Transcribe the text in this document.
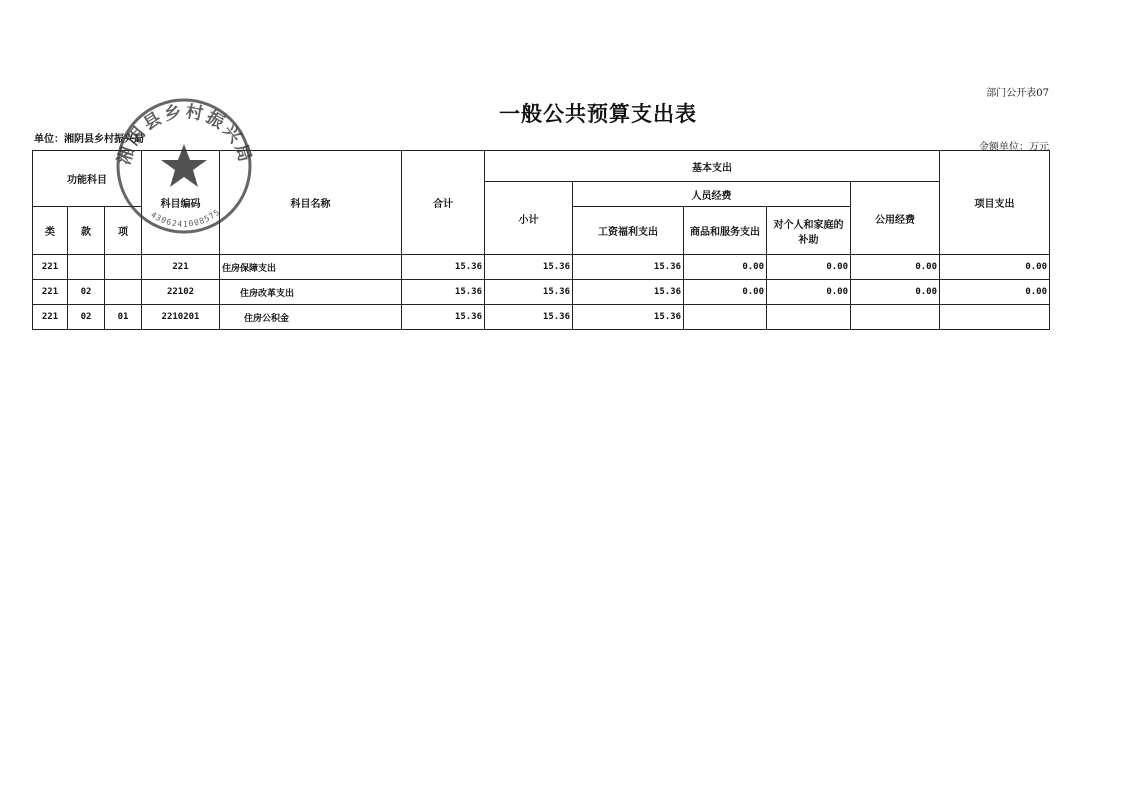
部门公开表07
一般公共预算支出表
单位：湘阴县乡村振兴局
金额单位：万元
功能科目			科目编码	科目名称	合计	基本支出					项目支出
						小计	人员经费			公用经费	
类	款	项					工资福利支出	商品和服务支出	对个人和家庭的补助		
221			221	住房保障支出	15.36	15.36	15.36	0.00	0.00	0.00	0.00
221	02		22102	住房改革支出	15.36	15.36	15.36	0.00	0.00	0.00	0.00
221	02	01	2210201	住房公积金	15.36	15.36	15.36				
湘阴县乡村振兴局
4306241008575
